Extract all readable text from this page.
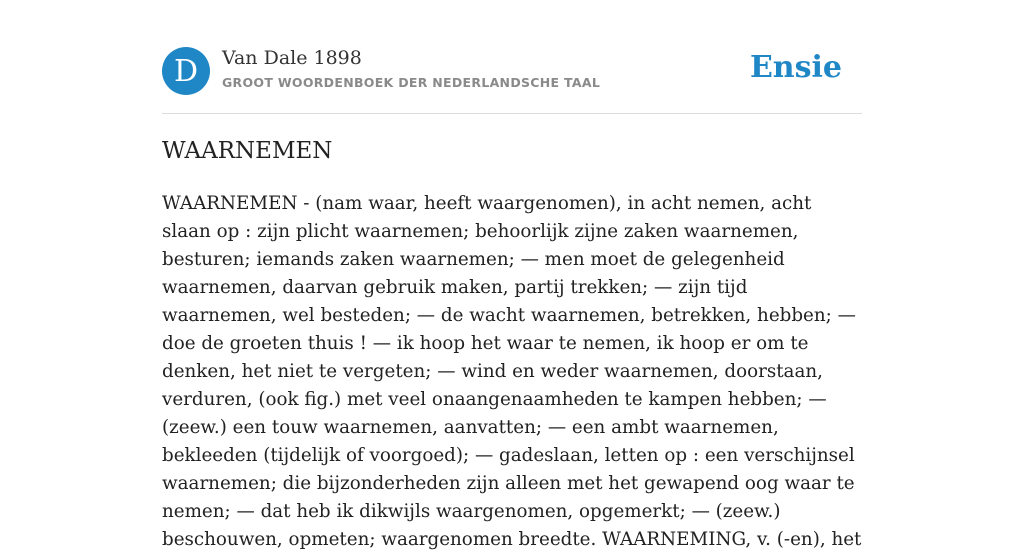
D	Van Dale 1898
GROOT WOORDENBOEK DER NEDERLANDSCHE TAAL	Ensie
WAARNEMEN

WAARNEMEN - (nam waar, heeft waargenomen), in acht nemen, acht slaan op : zijn plicht waarnemen; behoorlijk zijne zaken waarnemen, besturen; iemands zaken waarnemen; — men moet de gelegenheid waarnemen, daarvan gebruik maken, partij trekken; — zijn tijd waarnemen, wel besteden; — de wacht waarnemen, betrekken, hebben; — doe de groeten thuis ! — ik hoop het waar te nemen, ik hoop er om te denken, het niet te vergeten; — wind en weder waarnemen, doorstaan, verduren, (ook fig.) met veel onaangenaamheden te kampen hebben; — (zeew.) een touw waarnemen, aanvatten; — een ambt waarnemen, bekleeden (tijdelijk of voorgoed); — gadeslaan, letten op : een verschijnsel waarnemen; die bijzonderheden zijn alleen met het gewapend oog waar te nemen; — dat heb ik dikwijls waargenomen, opgemerkt; — (zeew.) beschouwen, opmeten; waargenomen breedte. WAARNEMING, v. (-en), het
